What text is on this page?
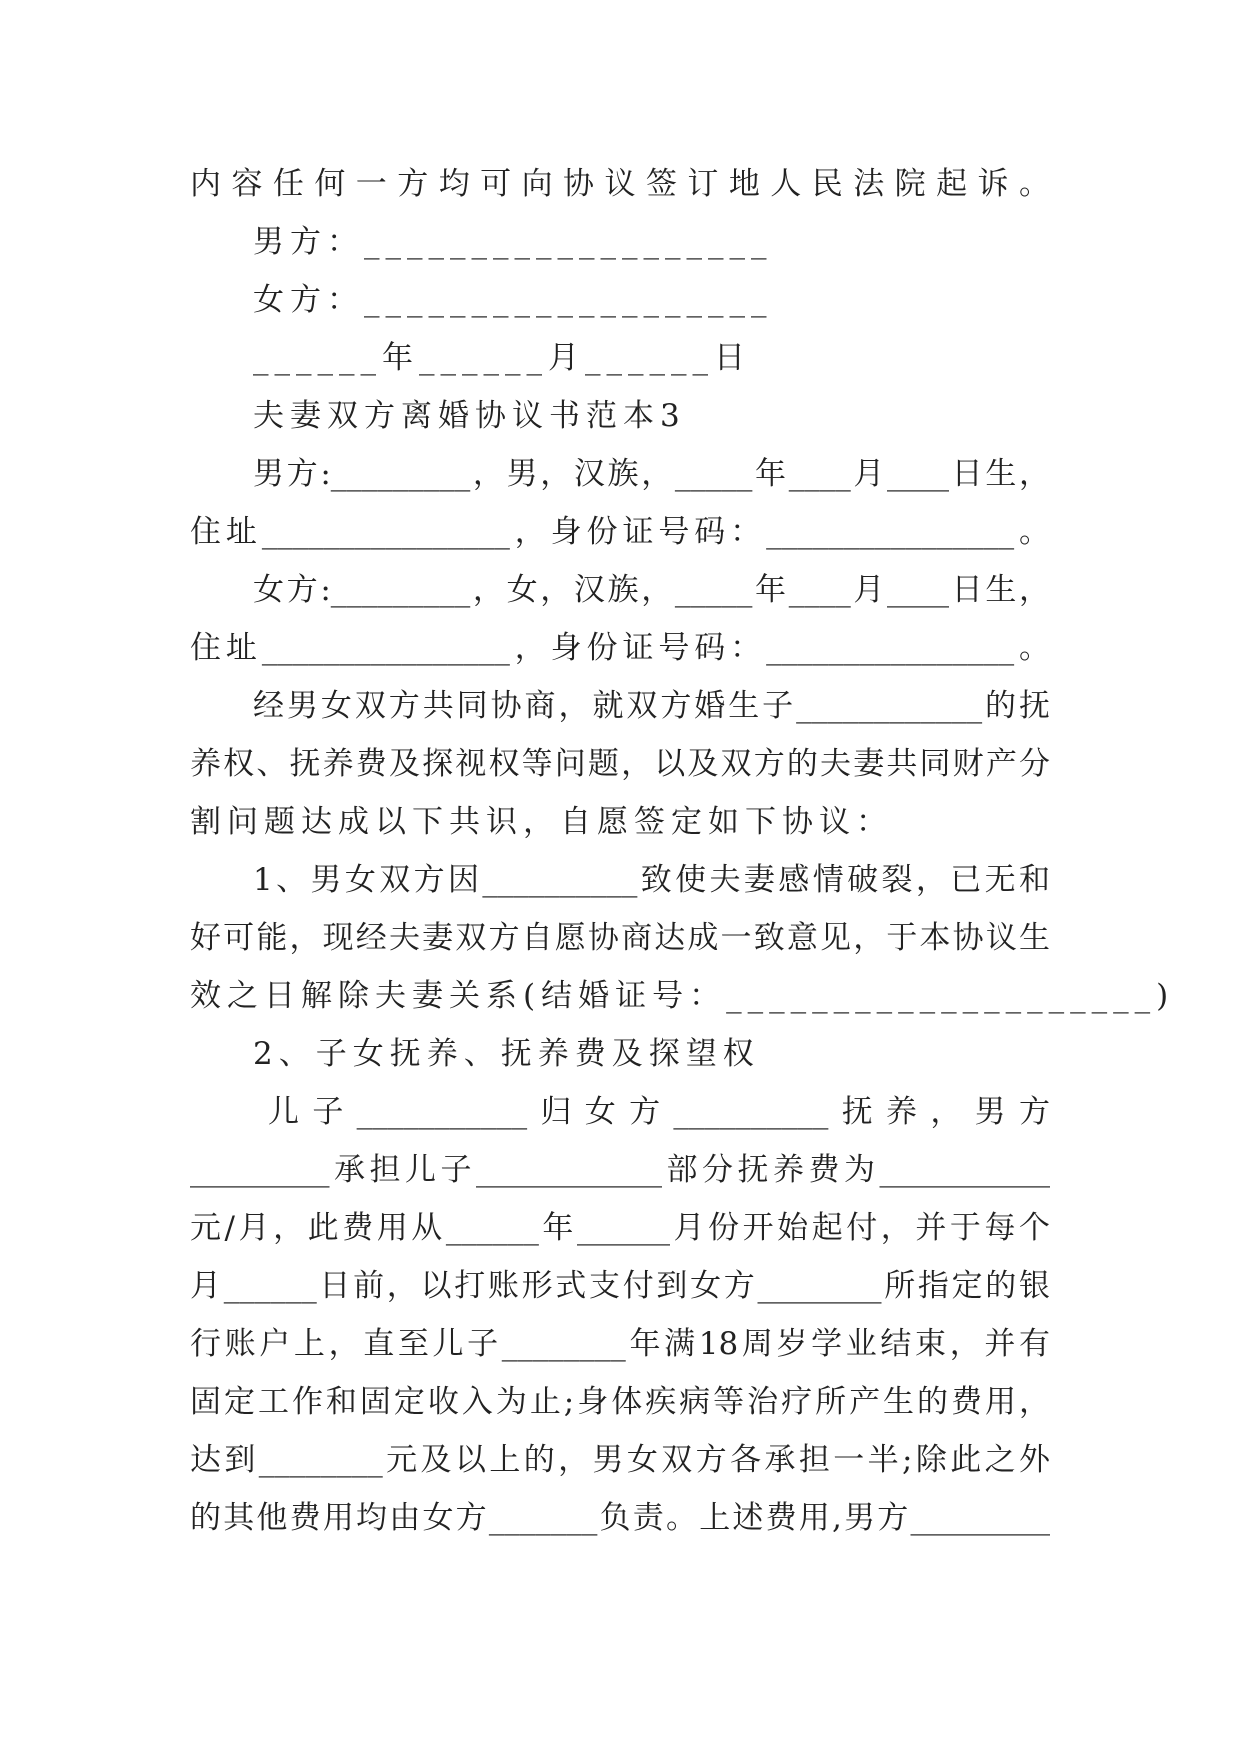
内容任何一方均可向协议签订地人民法院起诉。
男方：___________________
女方：___________________
______年______月______日
夫妻双方离婚协议书范本3
男方:_________，男，汉族，_____年____月____日生，
住址________________，身份证号码：________________。
女方:_________，女，汉族，_____年____月____日生，
住址________________，身份证号码：________________。
经男女双方共同协商，就双方婚生子____________的抚
养权、抚养费及探视权等问题，以及双方的夫妻共同财产分
割问题达成以下共识，自愿签定如下协议：
1、男女双方因__________致使夫妻感情破裂，已无和
好可能，现经夫妻双方自愿协商达成一致意见，于本协议生
效之日解除夫妻关系(结婚证号：____________________)
2、子女抚养、抚养费及探望权
儿子___________归女方__________抚养，男方
_________承担儿子____________部分抚养费为___________
元/月，此费用从______年______月份开始起付，并于每个
月______日前，以打账形式支付到女方________所指定的银
行账户上，直至儿子________年满18周岁学业结束，并有
固定工作和固定收入为止;身体疾病等治疗所产生的费用，
达到________元及以上的，男女双方各承担一半;除此之外
的其他费用均由女方_______负责。上述费用,男方_________
